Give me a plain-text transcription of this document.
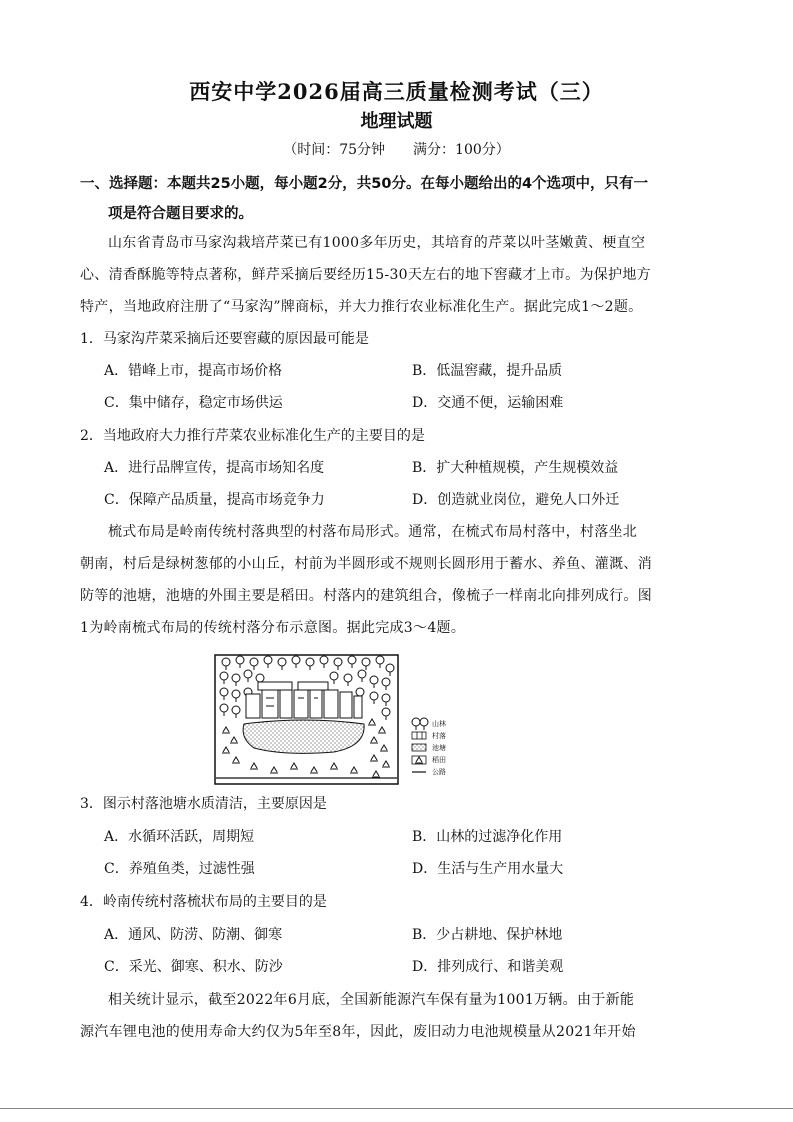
西安中学2026届高三质量检测考试（三）
地理试题
（时间：75分钟　　满分：100分）
一、选择题：本题共25小题，每小题2分，共50分。在每小题给出的4个选项中，只有一
项是符合题目要求的。
山东省青岛市马家沟栽培芹菜已有1000多年历史，其培育的芹菜以叶茎嫩黄、梗直空
心、清香酥脆等特点著称，鲜芹采摘后要经历15-30天左右的地下窖藏才上市。为保护地方
特产，当地政府注册了“马家沟”牌商标，并大力推行农业标准化生产。据此完成1～2题。
1．马家沟芹菜采摘后还要窖藏的原因最可能是
A．错峰上市，提高市场价格	B．低温窖藏，提升品质
C．集中储存，稳定市场供运	D．交通不便，运输困难
2．当地政府大力推行芹菜农业标准化生产的主要目的是
A．进行品牌宣传，提高市场知名度	B．扩大种植规模，产生规模效益
C．保障产品质量，提高市场竞争力	D．创造就业岗位，避免人口外迁
梳式布局是岭南传统村落典型的村落布局形式。通常，在梳式布局村落中，村落坐北
朝南，村后是绿树葱郁的小山丘，村前为半圆形或不规则长圆形用于蓄水、养鱼、灌溉、消
防等的池塘，池塘的外围主要是稻田。村落内的建筑组合，像梳子一样南北向排列成行。图
1为岭南梳式布局的传统村落分布示意图。据此完成3～4题。
山林
村落
池塘
稻田
公路
3．图示村落池塘水质清洁，主要原因是
A．水循环活跃，周期短	B．山林的过滤净化作用
C．养殖鱼类，过滤性强	D．生活与生产用水量大
4．岭南传统村落梳状布局的主要目的是
A．通风、防涝、防潮、御寒	B．少占耕地、保护林地
C．采光、御寒、积水、防沙	D．排列成行、和谐美观
相关统计显示，截至2022年6月底，全国新能源汽车保有量为1001万辆。由于新能
源汽车锂电池的使用寿命大约仅为5年至8年，因此，废旧动力电池规模量从2021年开始
